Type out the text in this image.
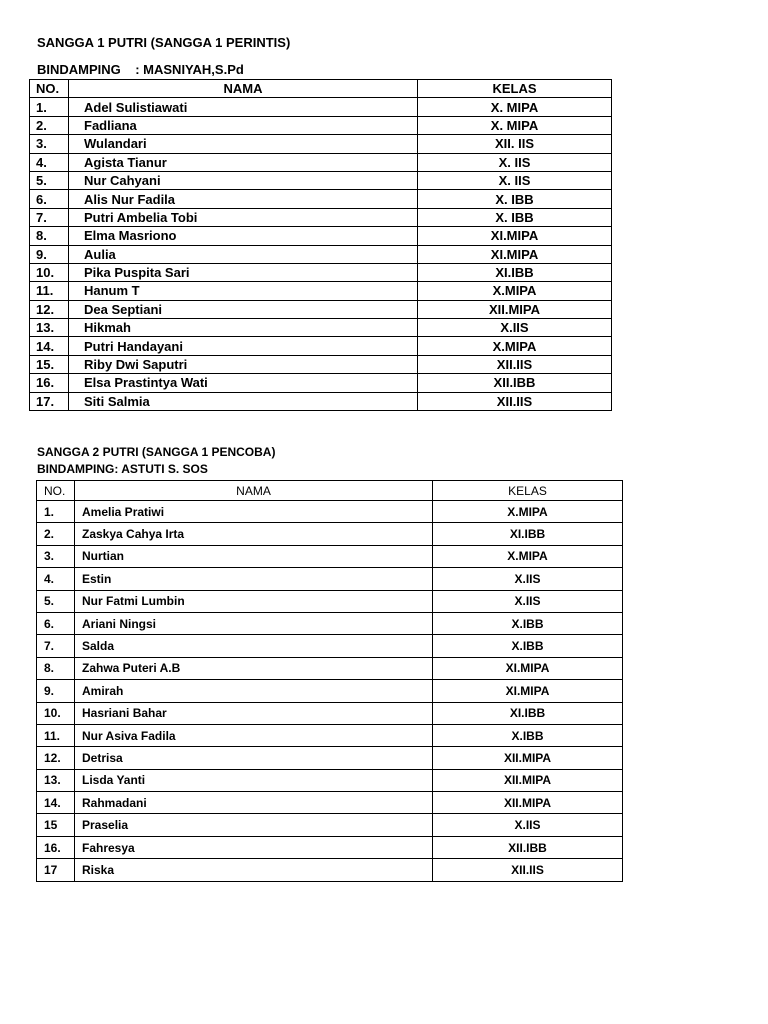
SANGGA 1 PUTRI (SANGGA 1 PERINTIS)
BINDAMPING    : MASNIYAH,S.Pd
NO.	NAMA	KELAS
1.	Adel Sulistiawati	X. MIPA
2.	Fadliana	X. MIPA
3.	Wulandari	XII. IIS
4.	Agista Tianur	X. IIS
5.	Nur Cahyani	X. IIS
6.	Alis Nur Fadila	X. IBB
7.	Putri Ambelia Tobi	X. IBB
8.	Elma Masriono	XI.MIPA
9.	Aulia	XI.MIPA
10.	Pika Puspita Sari	XI.IBB
11.	Hanum T	X.MIPA
12.	Dea Septiani	XII.MIPA
13.	Hikmah	X.IIS
14.	Putri Handayani	X.MIPA
15.	Riby Dwi Saputri	XII.IIS
16.	Elsa Prastintya Wati	XII.IBB
17.	Siti Salmia	XII.IIS
SANGGA 2 PUTRI (SANGGA 1 PENCOBA)
BINDAMPING: ASTUTI S. SOS
NO.	NAMA	KELAS
1.	Amelia Pratiwi	X.MIPA
2.	Zaskya Cahya Irta	XI.IBB
3.	Nurtian	X.MIPA
4.	Estin	X.IIS
5.	Nur Fatmi Lumbin	X.IIS
6.	Ariani Ningsi	X.IBB
7.	Salda	X.IBB
8.	Zahwa Puteri A.B	XI.MIPA
9.	Amirah	XI.MIPA
10.	Hasriani Bahar	XI.IBB
11.	Nur Asiva Fadila	X.IBB
12.	Detrisa	XII.MIPA
13.	Lisda Yanti	XII.MIPA
14.	Rahmadani	XII.MIPA
15	Praselia	X.IIS
16.	Fahresya	XII.IBB
17	Riska	XII.IIS
